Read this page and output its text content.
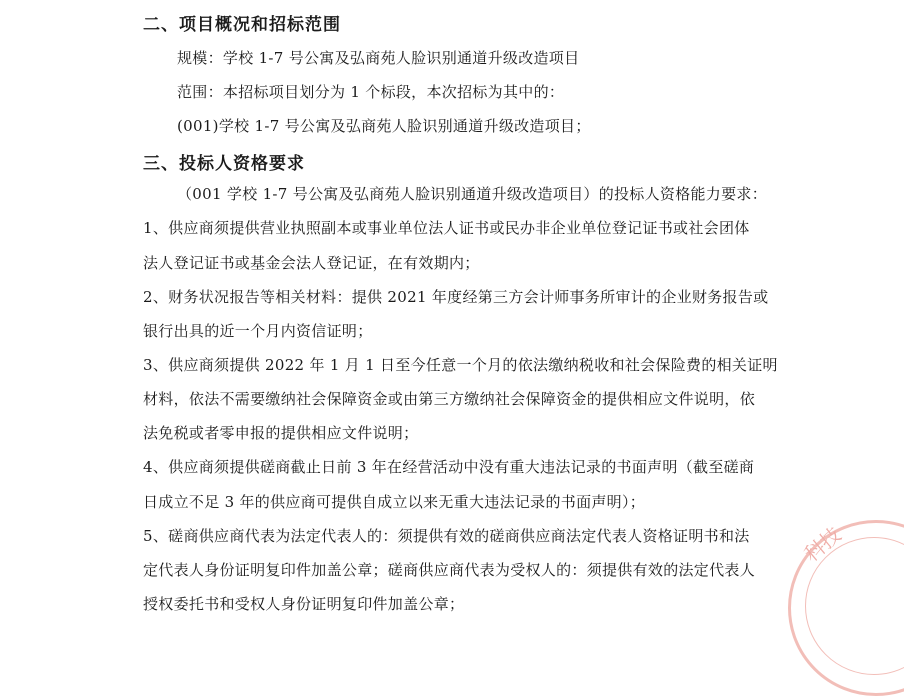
二、项目概况和招标范围
规模：学校 1-7 号公寓及弘商苑人脸识别通道升级改造项目
范围：本招标项目划分为 1 个标段，本次招标为其中的：
(001)学校 1-7 号公寓及弘商苑人脸识别通道升级改造项目；
三、投标人资格要求
（001 学校 1-7 号公寓及弘商苑人脸识别通道升级改造项目）的投标人资格能力要求：
1、供应商须提供营业执照副本或事业单位法人证书或民办非企业单位登记证书或社会团体
法人登记证书或基金会法人登记证，在有效期内；
2、财务状况报告等相关材料：提供 2021 年度经第三方会计师事务所审计的企业财务报告或
银行出具的近一个月内资信证明；
3、供应商须提供 2022 年 1 月 1 日至今任意一个月的依法缴纳税收和社会保险费的相关证明
材料，依法不需要缴纳社会保障资金或由第三方缴纳社会保障资金的提供相应文件说明，依
法免税或者零申报的提供相应文件说明；
4、供应商须提供磋商截止日前 3 年在经营活动中没有重大违法记录的书面声明（截至磋商
日成立不足 3 年的供应商可提供自成立以来无重大违法记录的书面声明）；
5、磋商供应商代表为法定代表人的：须提供有效的磋商供应商法定代表人资格证明书和法
定代表人身份证明复印件加盖公章；磋商供应商代表为受权人的：须提供有效的法定代表人
授权委托书和受权人身份证明复印件加盖公章；
科技
